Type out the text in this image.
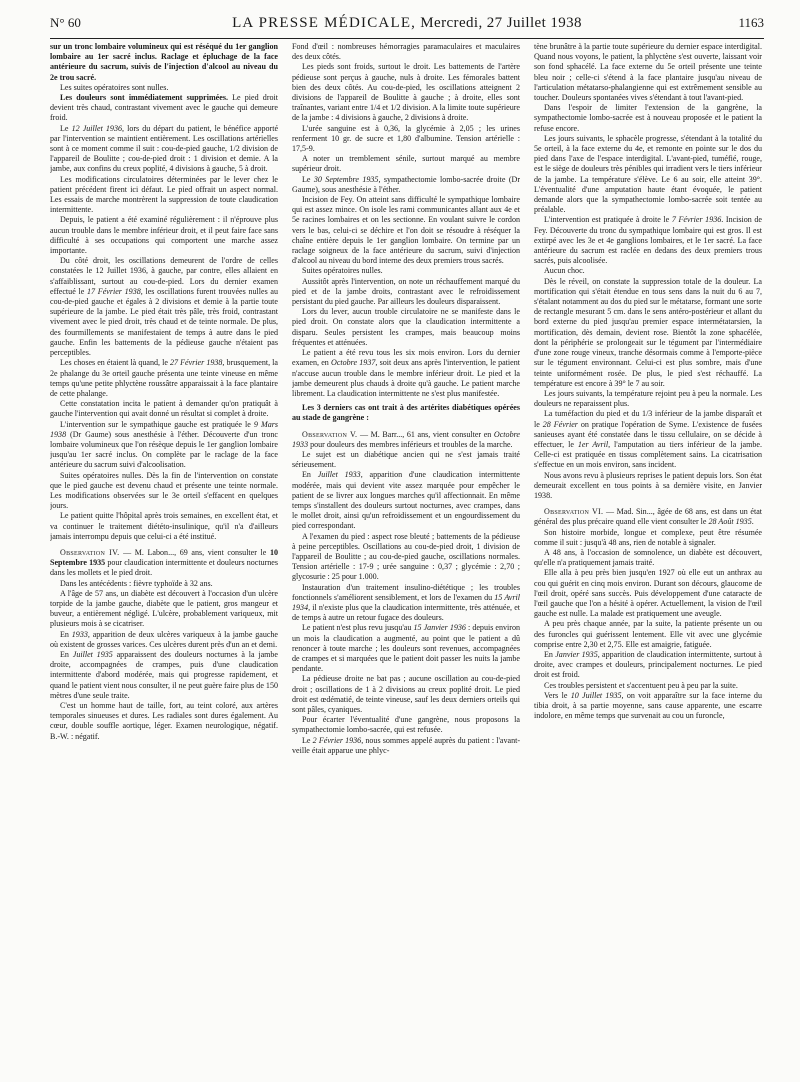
N° 60	LA PRESSE MÉDICALE, Mercredi, 27 Juillet 1938	1163

sur un tronc lombaire volumineux qui est réséqué du 1er ganglion lombaire au 1er sacré inclus. Raclage et épluchage de la face antérieure du sacrum, suivis de l'injection d'alcool au niveau du 2e trou sacré.

Les suites opératoires sont nulles.

Les douleurs sont immédiatement supprimées. Le pied droit devient très chaud, contrastant vivement avec le gauche qui demeure froid.

Le 12 Juillet 1936, lors du départ du patient, le bénéfice apporté par l'intervention se maintient entièrement. Les oscillations artérielles sont à ce moment comme il suit : cou-de-pied gauche, 1/2 division de l'appareil de Boulitte ; cou-de-pied droit : 1 division et demie. A la jambe, aux confins du creux poplité, 4 divisions à gauche, 5 à droit.

Les modifications circulatoires déterminées par le lever chez le patient précédent firent ici défaut. Le pied offrait un aspect normal. Les essais de marche montrèrent la suppression de toute claudication intermittente.

Depuis, le patient a été examiné régulièrement : il n'éprouve plus aucun trouble dans le membre inférieur droit, et il peut faire face sans difficulté à ses occupations qui comportent une marche assez importante.

Du côté droit, les oscillations demeurent de l'ordre de celles constatées le 12 Juillet 1936, à gauche, par contre, elles allaient en s'affaiblissant, surtout au cou-de-pied. Lors du dernier examen effectué le 17 Février 1938, les oscillations furent trouvées nulles au cou-de-pied gauche et égales à 2 divisions et demie à la partie toute supérieure de la jambe. Le pied était très pâle, très froid, contrastant vivement avec le pied droit, très chaud et de teinte normale. De plus, des fourmillements se manifestaient de temps à autre dans le pied gauche. Enfin les battements de la pédieuse gauche n'étaient pas perceptibles.

Les choses en étaient là quand, le 27 Février 1938, brusquement, la 2e phalange du 3e orteil gauche présenta une teinte vineuse en même temps qu'une petite phlyctène roussâtre apparaissait à la face plantaire de cette phalange.

Cette constatation incita le patient à demander qu'on pratiquât à gauche l'intervention qui avait donné un résultat si complet à droite.

L'intervention sur le sympathique gauche est pratiquée le 9 Mars 1938 (Dr Gaume) sous anesthésie à l'éther. Découverte d'un tronc lombaire volumineux que l'on résèque depuis le 1er ganglion lombaire jusqu'au 1er sacré inclus. On complète par le raclage de la face antérieure du sacrum suivi d'alcoolisation.

Suites opératoires nulles. Dès la fin de l'intervention on constate que le pied gauche est devenu chaud et présente une teinte normale. Les modifications observées sur le 3e orteil s'effacent en quelques jours.

Le patient quitte l'hôpital après trois semaines, en excellent état, et va continuer le traitement diététo-insulinique, qu'il n'a d'ailleurs jamais interrompu depuis que celui-ci a été institué.

Observation IV. — M. Labon..., 69 ans, vient consulter le 10 Septembre 1935 pour claudication intermittente et douleurs nocturnes dans les mollets et le pied droit.

Dans les antécédents : fièvre typhoïde à 32 ans.

A l'âge de 57 ans, un diabète est découvert à l'occasion d'un ulcère torpide de la jambe gauche, diabète que le patient, gros mangeur et buveur, a entièrement négligé. L'ulcère, probablement variqueux, mit plusieurs mois à se cicatriser.

En 1933, apparition de deux ulcères variqueux à la jambe gauche où existent de grosses varices. Ces ulcères durent près d'un an et demi.

En Juillet 1935 apparaissent des douleurs nocturnes à la jambe droite, accompagnées de crampes, puis d'une claudication intermittente d'abord modérée, mais qui progresse rapidement, et quand le patient vient nous consulter, il ne peut guère faire plus de 150 mètres d'une seule traite.

C'est un homme haut de taille, fort, au teint coloré, aux artères temporales sinueuses et dures. Les radiales sont dures également. Au cœur, double souffle aortique, léger. Examen neurologique, négatif. B.-W. : négatif.

Fond d'œil : nombreuses hémorragies paramaculaires et maculaires des deux côtés.

Les pieds sont froids, surtout le droit. Les battements de l'artère pédieuse sont perçus à gauche, nuls à droite. Les fémorales battent bien des deux côtés. Au cou-de-pied, les oscillations atteignent 2 divisions de l'appareil de Boulitte à gauche ; à droite, elles sont traînantes, variant entre 1/4 et 1/2 division. A la limite toute supérieure de la jambe : 4 divisions à gauche, 2 divisions à droite.

L'urée sanguine est à 0,36, la glycémie à 2,05 ; les urines renferment 10 gr. de sucre et 1,80 d'albumine. Tension artérielle : 17,5-9.

A noter un tremblement sénile, surtout marqué au membre supérieur droit.

Le 30 Septembre 1935, sympathectomie lombo-sacrée droite (Dr Gaume), sous anesthésie à l'éther.

Incision de Fey. On atteint sans difficulté le sympathique lombaire qui est assez mince. On isole les rami communicantes allant aux 4e et 5e racines lombaires et on les sectionne. En voulant suivre le cordon vers le bas, celui-ci se déchire et l'on doit se résoudre à réséquer la chaîne entière depuis le 1er ganglion lombaire. On termine par un raclage soigneux de la face antérieure du sacrum, suivi d'injection d'alcool au niveau du bord interne des deux premiers trous sacrés.

Suites opératoires nulles.

Aussitôt après l'intervention, on note un réchauffement marqué du pied et de la jambe droits, contrastant avec le refroidissement persistant du pied gauche. Par ailleurs les douleurs disparaissent.

Lors du lever, aucun trouble circulatoire ne se manifeste dans le pied droit. On constate alors que la claudication intermittente a disparu. Seules persistent les crampes, mais beaucoup moins fréquentes et atténuées.

Le patient a été revu tous les six mois environ. Lors du dernier examen, en Octobre 1937, soit deux ans après l'intervention, le patient n'accuse aucun trouble dans le membre inférieur droit. Le pied et la jambe demeurent plus chauds à droite qu'à gauche. Le patient marche librement. La claudication intermittente ne s'est plus manifestée.

Les 3 derniers cas ont trait à des artérites diabétiques opérées au stade de gangrène :

Observation V. — M. Barr..., 61 ans, vient consulter en Octobre 1933 pour douleurs des membres inférieurs et troubles de la marche.

Le sujet est un diabétique ancien qui ne s'est jamais traité sérieusement.

En Juillet 1933, apparition d'une claudication intermittente modérée, mais qui devient vite assez marquée pour empêcher le patient de se livrer aux longues marches qu'il affectionnait. En même temps s'installent des douleurs surtout nocturnes, avec crampes, dans le mollet droit, ainsi qu'un refroidissement et un engourdissement du pied correspondant.

A l'examen du pied : aspect rose bleuté ; battements de la pédieuse à peine perceptibles. Oscillations au cou-de-pied droit, 1 division de l'appareil de Boulitte ; au cou-de-pied gauche, oscillations normales. Tension artérielle : 17-9 ; urée sanguine : 0,37 ; glycémie : 2,70 ; glycosurie : 25 pour 1.000.

Instauration d'un traitement insulino-diététique ; les troubles fonctionnels s'améliorent sensiblement, et lors de l'examen du 15 Avril 1934, il n'existe plus que la claudication intermittente, très atténuée, et de temps à autre un retour fugace des douleurs.

Le patient n'est plus revu jusqu'au 15 Janvier 1936 : depuis environ un mois la claudication a augmenté, au point que le patient a dû renoncer à toute marche ; les douleurs sont revenues, accompagnées de crampes et si marquées que le patient doit passer les nuits la jambe pendante.

La pédieuse droite ne bat pas ; aucune oscillation au cou-de-pied droit ; oscillations de 1 à 2 divisions au creux poplité droit. Le pied droit est œdématié, de teinte vineuse, sauf les deux derniers orteils qui sont pâles, cyaniques.

Pour écarter l'éventualité d'une gangrène, nous proposons la sympathectomie lombo-sacrée, qui est refusée.

Le 2 Février 1936, nous sommes appelé auprès du patient : l'avant-veille était apparue une phlyc-

tène brunâtre à la partie toute supérieure du dernier espace interdigital. Quand nous voyons, le patient, la phlyctène s'est ouverte, laissant voir son fond sphacélé. La face externe du 5e orteil présente une teinte bleu noir ; celle-ci s'étend à la face plantaire jusqu'au niveau de l'articulation métatarso-phalangienne qui est extrêmement sensible au toucher. Douleurs spontanées vives s'étendant à tout l'avant-pied.

Dans l'espoir de limiter l'extension de la gangrène, la sympathectomie lombo-sacrée est à nouveau proposée et le patient la refuse encore.

Les jours suivants, le sphacèle progresse, s'étendant à la totalité du 5e orteil, à la face externe du 4e, et remonte en pointe sur le dos du pied dans l'axe de l'espace interdigital. L'avant-pied, tuméfié, rouge, est le siège de douleurs très pénibles qui irradient vers le tiers inférieur de la jambe. La température s'élève. Le 6 au soir, elle atteint 39°. L'éventualité d'une amputation haute étant évoquée, le patient demande alors que la sympathectomie lombo-sacrée soit tentée au préalable.

L'intervention est pratiquée à droite le 7 Février 1936. Incision de Fey. Découverte du tronc du sympathique lombaire qui est gros. Il est extirpé avec les 3e et 4e ganglions lombaires, et le 1er sacré. La face antérieure du sacrum est raclée en dedans des deux premiers trous sacrés, puis alcoolisée.

Aucun choc.

Dès le réveil, on constate la suppression totale de la douleur. La mortification qui s'était étendue en tous sens dans la nuit du 6 au 7, s'étalant notamment au dos du pied sur le métatarse, formant une sorte de rectangle mesurant 5 cm. dans le sens antéro-postérieur et allant du bord externe du pied jusqu'au premier espace intermétatarsien, la mortification, dès demain, devient rose. Bientôt la zone sphacélée, dont la périphérie se prolongeait sur le tégument par l'intermédiaire d'une zone rouge vineux, tranche désormais comme à l'emporte-pièce sur le tégument environnant. Celui-ci est plus sombre, mais d'une teinte uniformément rosée. De plus, le pied s'est réchauffé. La température est encore à 39° le 7 au soir.

Les jours suivants, la température rejoint peu à peu la normale. Les douleurs ne reparaissent plus.

La tuméfaction du pied et du 1/3 inférieur de la jambe disparaît et le 28 Février on pratique l'opération de Syme. L'existence de fusées sanieuses ayant été constatée dans le tissu cellulaire, on se décide à effectuer, le 1er Avril, l'amputation au tiers inférieur de la jambe. Celle-ci est pratiquée en tissus complètement sains. La cicatrisation s'effectue en un mois environ, sans incident.

Nous avons revu à plusieurs reprises le patient depuis lors. Son état demeurait excellent en tous points à sa dernière visite, en Janvier 1938.

Observation VI. — Mad. Sin..., âgée de 68 ans, est dans un état général des plus précaire quand elle vient consulter le 28 Août 1935.

Son histoire morbide, longue et complexe, peut être résumée comme il suit : jusqu'à 48 ans, rien de notable à signaler.

A 48 ans, à l'occasion de somnolence, un diabète est découvert, qu'elle n'a pratiquement jamais traité.

Elle alla à peu près bien jusqu'en 1927 où elle eut un anthrax au cou qui guérit en cinq mois environ. Durant son décours, glaucome de l'œil droit, opéré sans succès. Puis développement d'une cataracte de l'œil gauche que l'on a hésité à opérer. Actuellement, la vision de l'œil gauche est nulle. La malade est pratiquement une aveugle.

A peu près chaque année, par la suite, la patiente présente un ou des furoncles qui guérissent lentement. Elle vit avec une glycémie comprise entre 2,30 et 2,75. Elle est amaigrie, fatiguée.

En Janvier 1935, apparition de claudication intermittente, surtout à droite, avec crampes et douleurs, principalement nocturnes. Le pied droit est froid.

Ces troubles persistent et s'accentuent peu à peu par la suite.

Vers le 10 Juillet 1935, on voit apparaître sur la face interne du tibia droit, à sa partie moyenne, sans cause apparente, une escarre indolore, en même temps que survenait au cou un furoncle,
